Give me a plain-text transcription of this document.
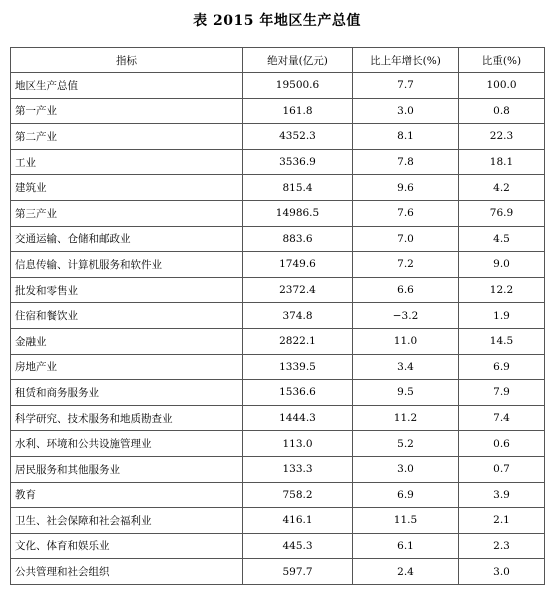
表 2015 年地区生产总值
指标	绝对量(亿元)	比上年增长(%)	比重(%)
地区生产总值	19500.6	7.7	100.0
第一产业	161.8	3.0	0.8
第二产业	4352.3	8.1	22.3
工业	3536.9	7.8	18.1
建筑业	815.4	9.6	4.2
第三产业	14986.5	7.6	76.9
交通运输、仓储和邮政业	883.6	7.0	4.5
信息传输、计算机服务和软件业	1749.6	7.2	9.0
批发和零售业	2372.4	6.6	12.2
住宿和餐饮业	374.8	−3.2	1.9
金融业	2822.1	11.0	14.5
房地产业	1339.5	3.4	6.9
租赁和商务服务业	1536.6	9.5	7.9
科学研究、技术服务和地质勘查业	1444.3	11.2	7.4
水利、环境和公共设施管理业	113.0	5.2	0.6
居民服务和其他服务业	133.3	3.0	0.7
教育	758.2	6.9	3.9
卫生、社会保障和社会福利业	416.1	11.5	2.1
文化、体育和娱乐业	445.3	6.1	2.3
公共管理和社会组织	597.7	2.4	3.0
